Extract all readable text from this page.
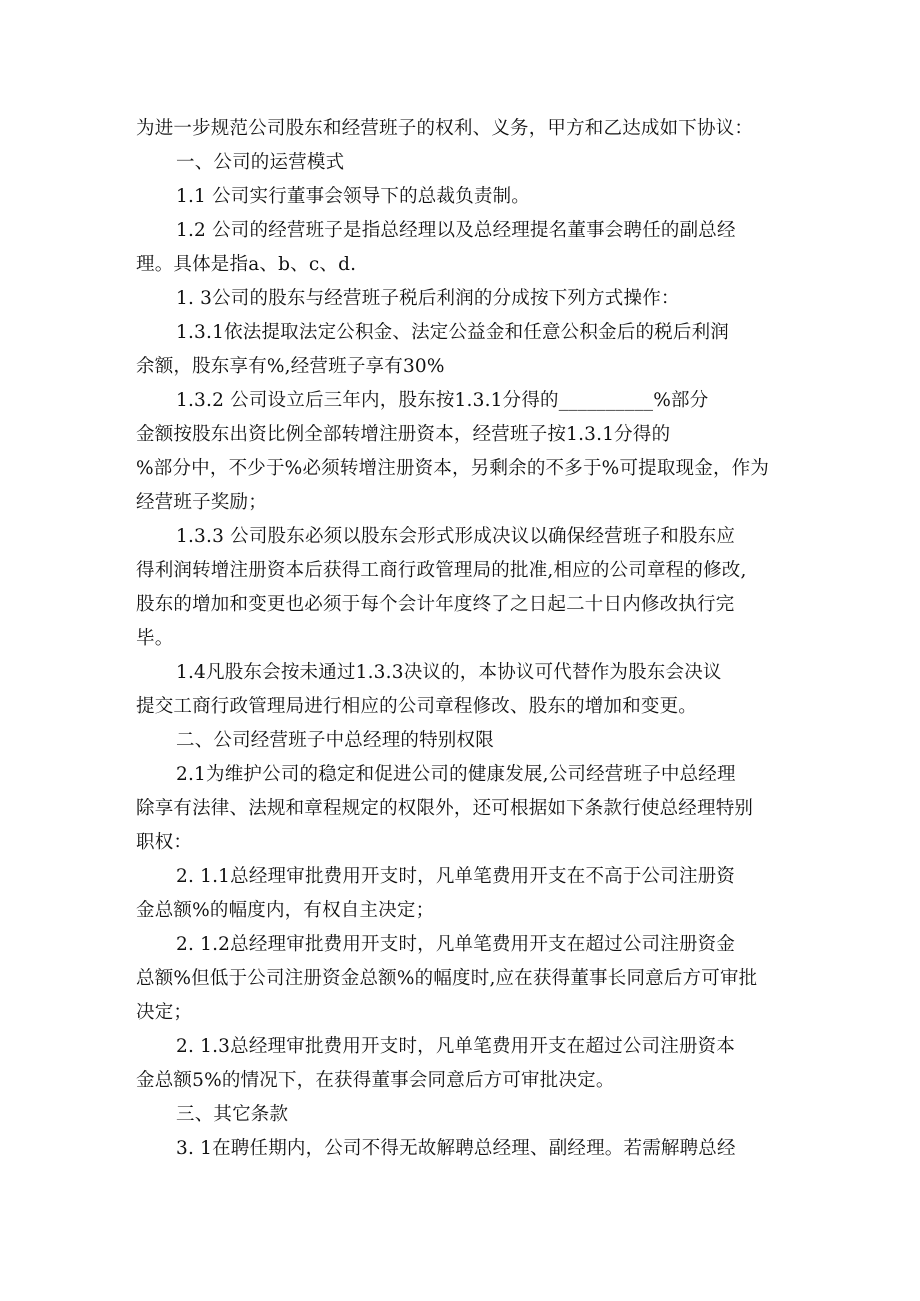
为进一步规范公司股东和经营班子的权利、义务，甲方和乙达成如下协议：
一、公司的运营模式
1.1 公司实行董事会领导下的总裁负责制。
1.2 公司的经营班子是指总经理以及总经理提名董事会聘任的副总经
理。具体是指a、b、c、d.
1. 3公司的股东与经营班子税后利润的分成按下列方式操作：
1.3.1依法提取法定公积金、法定公益金和任意公积金后的税后利润
余额，股东享有%,经营班子享有30%
1.3.2 公司设立后三年内，股东按1.3.1分得的__________%部分
金额按股东出资比例全部转增注册资本，经营班子按1.3.1分得的
%部分中，不少于%必须转增注册资本，另剩余的不多于%可提取现金，作为
经营班子奖励；
1.3.3 公司股东必须以股东会形式形成决议以确保经营班子和股东应
得利润转增注册资本后获得工商行政管理局的批准,相应的公司章程的修改,
股东的增加和变更也必须于每个会计年度终了之日起二十日内修改执行完
毕。
1.4凡股东会按未通过1.3.3决议的，本协议可代替作为股东会决议
提交工商行政管理局进行相应的公司章程修改、股东的增加和变更。
二、公司经营班子中总经理的特别权限
2.1为维护公司的稳定和促进公司的健康发展,公司经营班子中总经理
除享有法律、法规和章程规定的权限外，还可根据如下条款行使总经理特别
职权：
2. 1.1总经理审批费用开支时，凡单笔费用开支在不高于公司注册资
金总额%的幅度内，有权自主决定；
2. 1.2总经理审批费用开支时，凡单笔费用开支在超过公司注册资金
总额%但低于公司注册资金总额%的幅度时,应在获得董事长同意后方可审批
决定；
2. 1.3总经理审批费用开支时，凡单笔费用开支在超过公司注册资本
金总额5%的情况下，在获得董事会同意后方可审批决定。
三、其它条款
3. 1在聘任期内，公司不得无故解聘总经理、副经理。若需解聘总经
